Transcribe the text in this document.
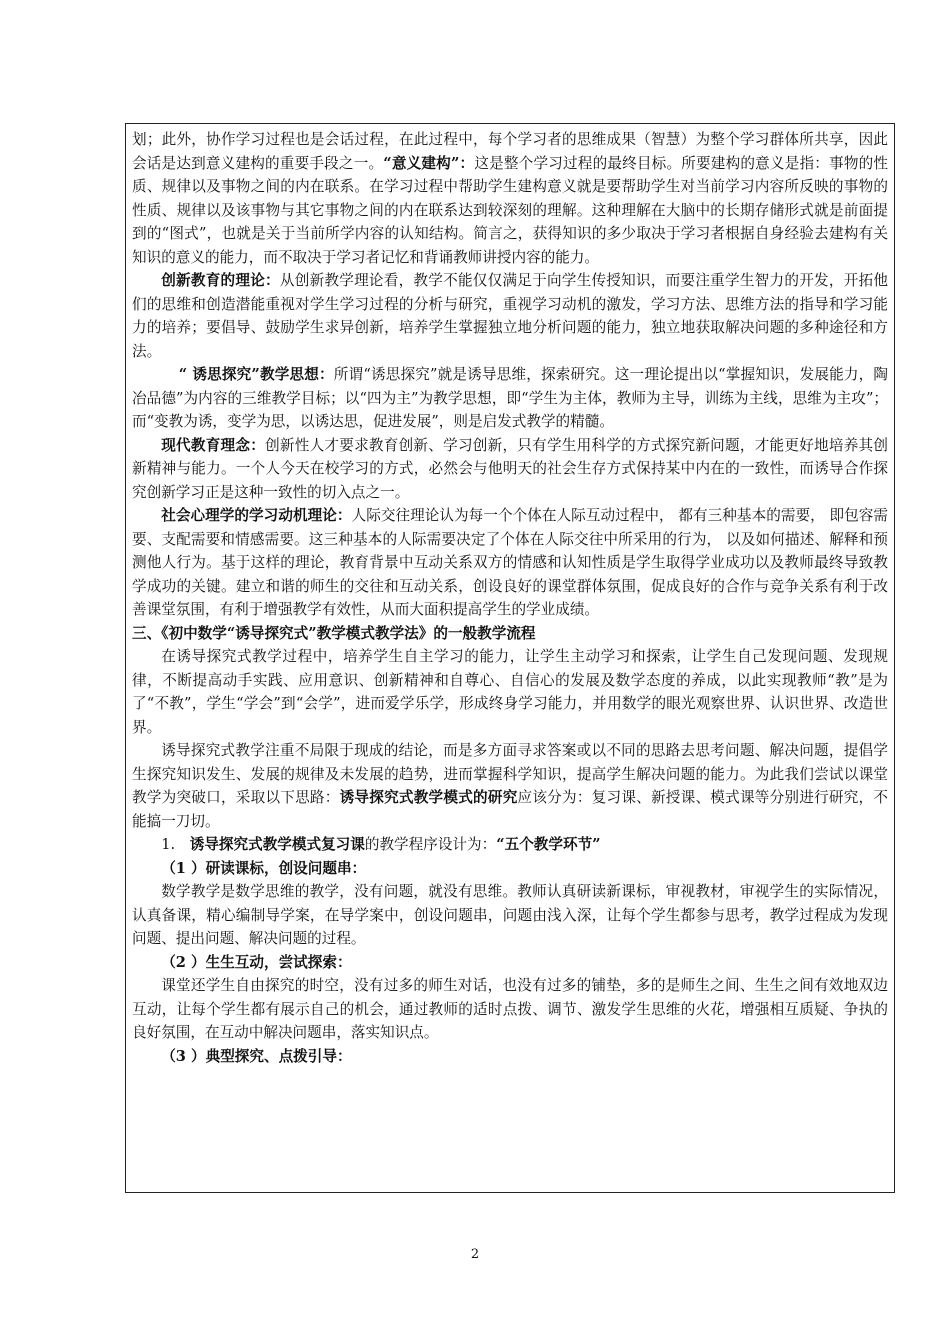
划；此外，协作学习过程也是会话过程，在此过程中，每个学习者的思维成果（智慧）为整个学习群体所共享，因此会话是达到意义建构的重要手段之一。“意义建构”：这是整个学习过程的最终目标。所要建构的意义是指：事物的性质、规律以及事物之间的内在联系。在学习过程中帮助学生建构意义就是要帮助学生对当前学习内容所反映的事物的性质、规律以及该事物与其它事物之间的内在联系达到较深刻的理解。这种理解在大脑中的长期存储形式就是前面提到的“图式”，也就是关于当前所学内容的认知结构。简言之，获得知识的多少取决于学习者根据自身经验去建构有关知识的意义的能力，而不取决于学习者记忆和背诵教师讲授内容的能力。

创新教育的理论：从创新教学理论看，教学不能仅仅满足于向学生传授知识，而要注重学生智力的开发，开拓他们的思维和创造潜能重视对学生学习过程的分析与研究，重视学习动机的激发，学习方法、思维方法的指导和学习能力的培养；要倡导、鼓励学生求异创新，培养学生掌握独立地分析问题的能力，独立地获取解决问题的多种途径和方法。

“ 诱思探究”教学思想：所谓“诱思探究”就是诱导思维，探索研究。这一理论提出以“掌握知识，发展能力，陶冶品德”为内容的三维教学目标；以“四为主”为教学思想，即“学生为主体，教师为主导，训练为主线，思维为主攻”；而“变教为诱，变学为思，以诱达思，促进发展”，则是启发式教学的精髓。

现代教育理念：创新性人才要求教育创新、学习创新，只有学生用科学的方式探究新问题，才能更好地培养其创新精神与能力。一个人今天在校学习的方式，必然会与他明天的社会生存方式保持某中内在的一致性，而诱导合作探究创新学习正是这种一致性的切入点之一。

社会心理学的学习动机理论：人际交往理论认为每一个个体在人际互动过程中， 都有三种基本的需要， 即包容需要、支配需要和情感需要。这三种基本的人际需要决定了个体在人际交往中所采用的行为， 以及如何描述、解释和预测他人行为。基于这样的理论，教育背景中互动关系双方的情感和认知性质是学生取得学业成功以及教师最终导致教学成功的关键。建立和谐的师生的交往和互动关系，创设良好的课堂群体氛围，促成良好的合作与竞争关系有利于改善课堂氛围，有利于增强教学有效性，从而大面积提高学生的学业成绩。

三、《初中数学“诱导探究式”教学模式教学法》的一般教学流程

在诱导探究式教学过程中，培养学生自主学习的能力，让学生主动学习和探索，让学生自己发现问题、发现规律，不断提高动手实践、应用意识、创新精神和自尊心、自信心的发展及数学态度的养成，以此实现教师“教”是为了“不教”，学生“学会”到“会学”，进而爱学乐学，形成终身学习能力，并用数学的眼光观察世界、认识世界、改造世界。

诱导探究式教学注重不局限于现成的结论，而是多方面寻求答案或以不同的思路去思考问题、解决问题，提倡学生探究知识发生、发展的规律及未发展的趋势，进而掌握科学知识，提高学生解决问题的能力。为此我们尝试以课堂教学为突破口，采取以下思路：诱导探究式教学模式的研究应该分为：复习课、新授课、模式课等分别进行研究，不能搞一刀切。

1.　诱导探究式教学模式复习课的教学程序设计为：“五个教学环节”

（1 ）研读课标，创设问题串：

数学教学是数学思维的教学，没有问题，就没有思维。教师认真研读新课标，审视教材，审视学生的实际情况，认真备课，精心编制导学案，在导学案中，创设问题串，问题由浅入深，让每个学生都参与思考，教学过程成为发现问题、提出问题、解决问题的过程。

（2 ）生生互动，尝试探索：

课堂还学生自由探究的时空，没有过多的师生对话，也没有过多的铺垫，多的是师生之间、生生之间有效地双边互动，让每个学生都有展示自己的机会，通过教师的适时点拨、调节、激发学生思维的火花，增强相互质疑、争执的良好氛围，在互动中解决问题串，落实知识点。

（3 ）典型探究、点拨引导：

2
